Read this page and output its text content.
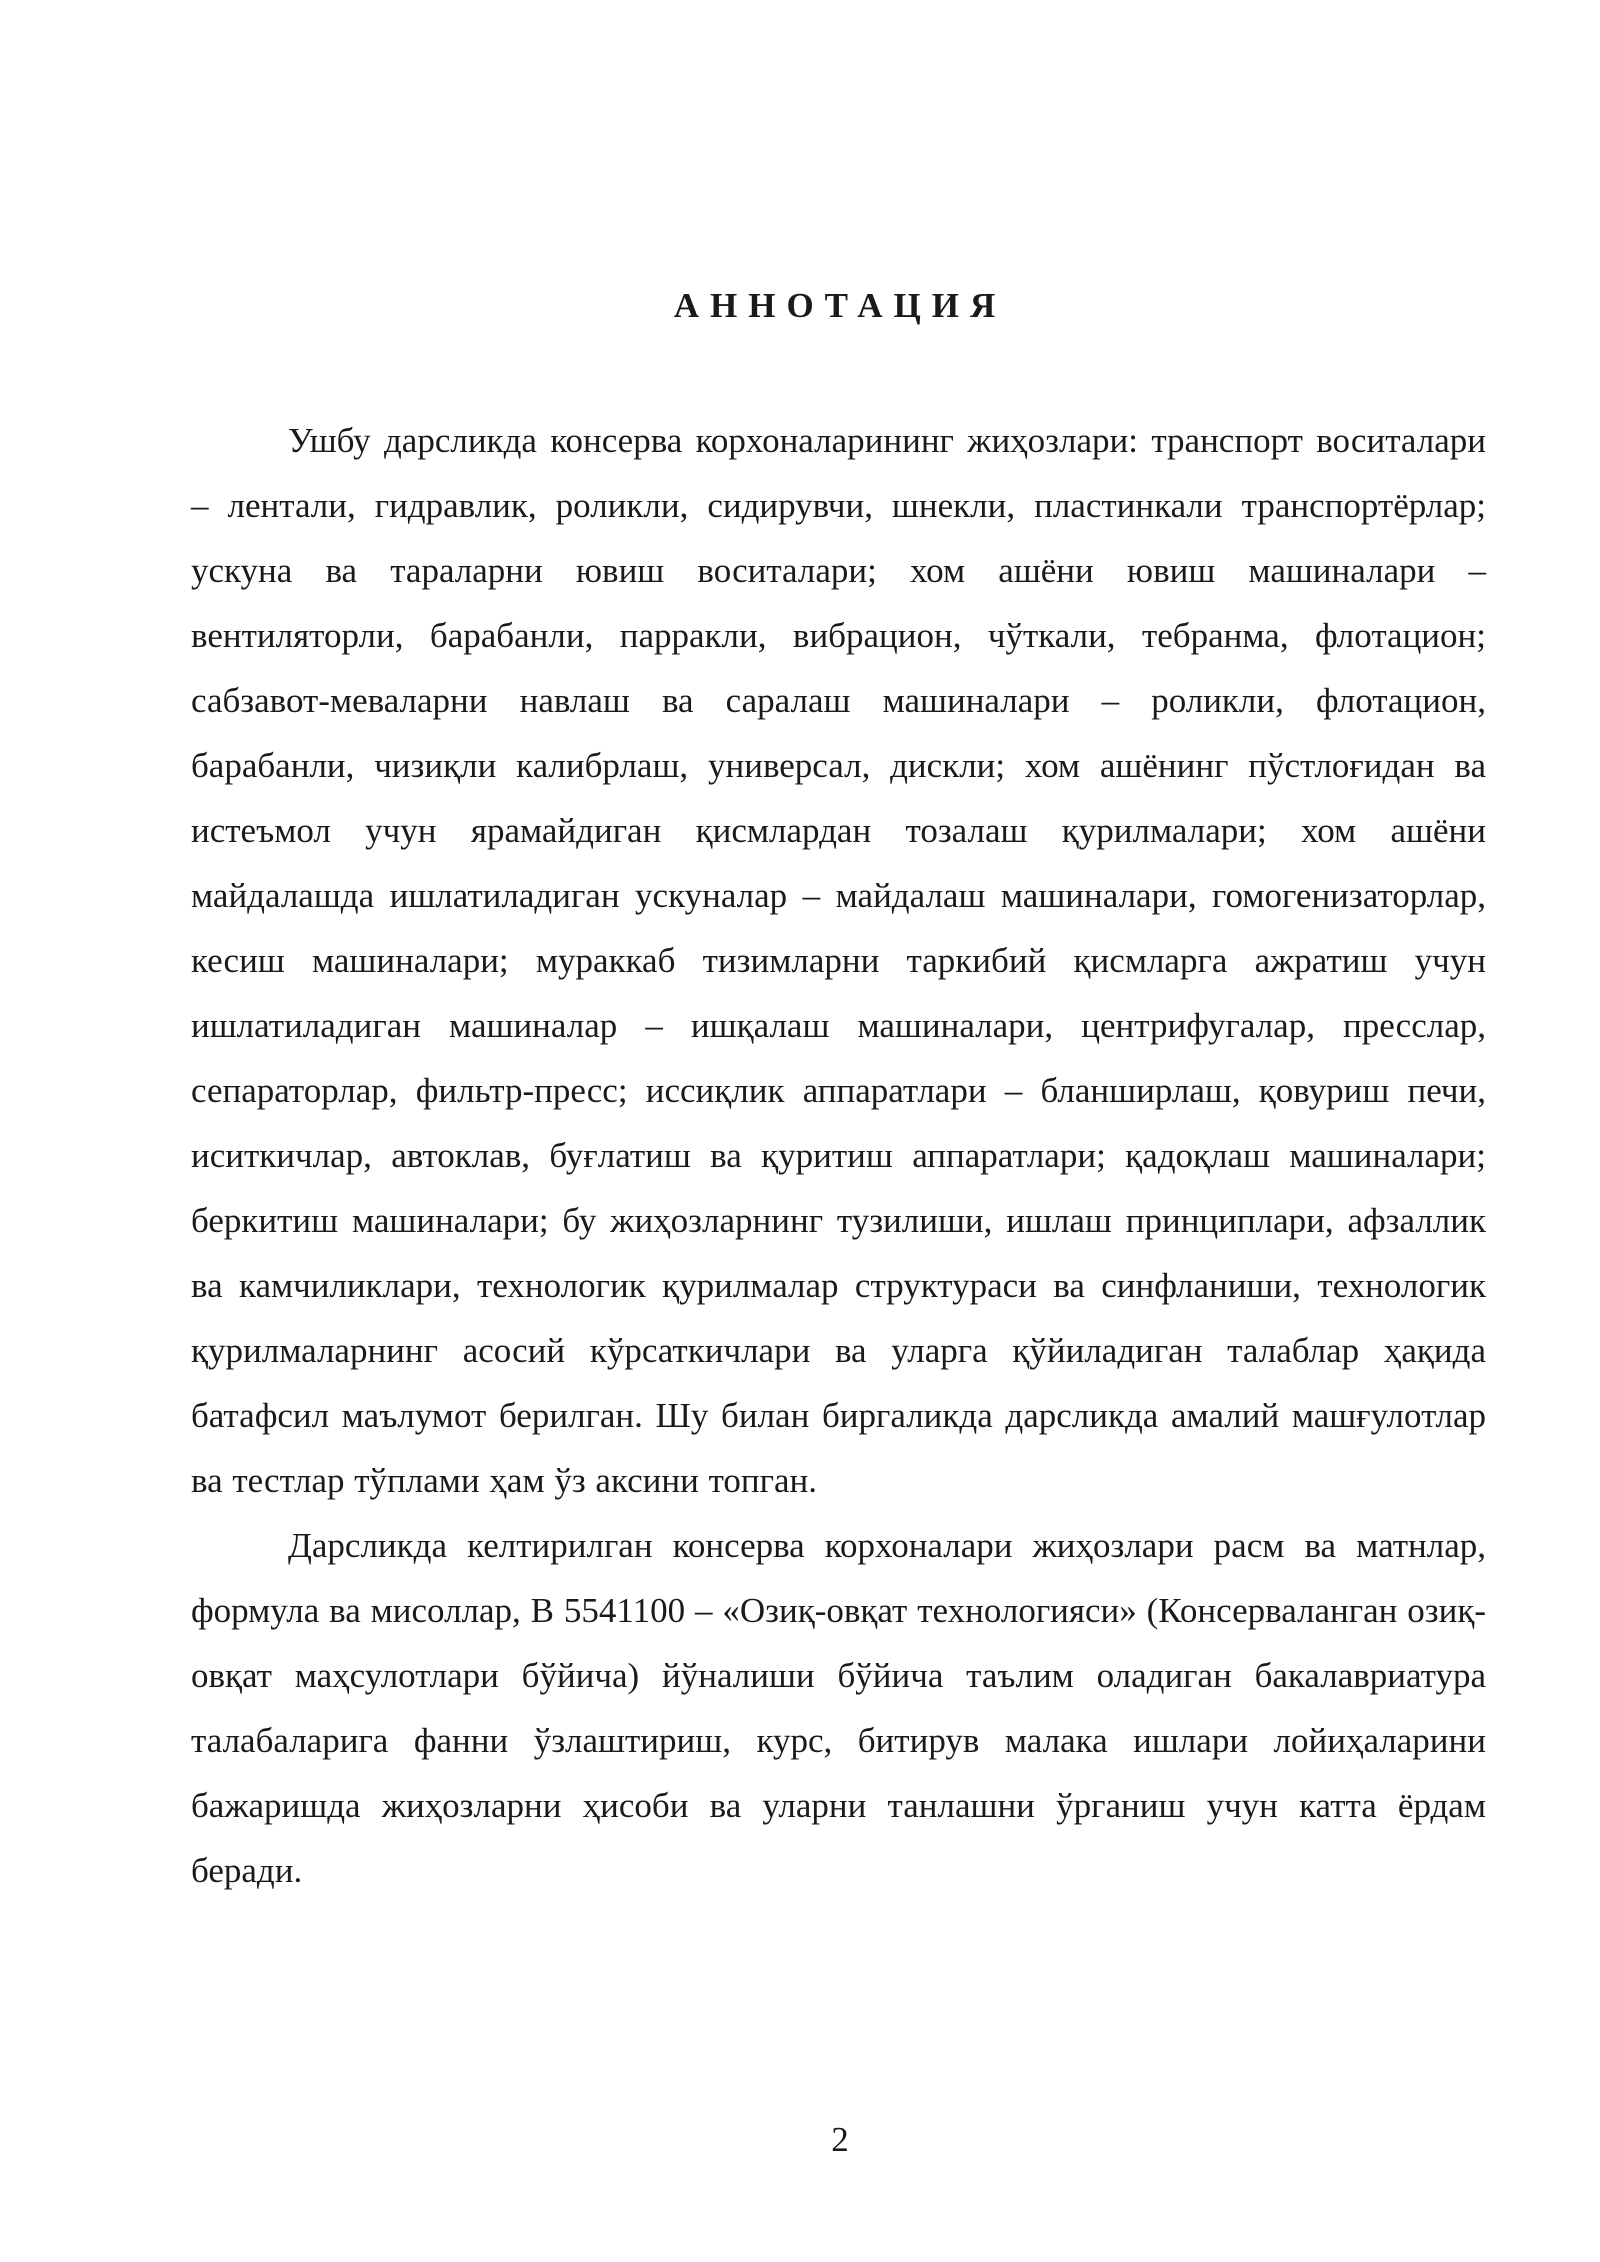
АННОТАЦИЯ

Ушбу дарсликда консерва корхоналарининг жиҳозлари: транспорт воситалари – лентали, гидравлик, роликли, сидирувчи, шнекли, пластинкали транспортёрлар; ускуна ва тараларни ювиш воситалари; хом ашёни ювиш машиналари – вентиляторли, барабанли, парракли, вибрацион, чўткали, тебранма, флотацион; сабзавот-меваларни навлаш ва саралаш машиналари – роликли, флотацион, барабанли, чизиқли калибрлаш, универсал, дискли; хом ашёнинг пўстлоғидан ва истеъмол учун ярамайдиган қисмлардан тозалаш қурилмалари; хом ашёни майдалашда ишлатиладиган ускуналар – майдалаш машиналари, гомогенизаторлар, кесиш машиналари; мураккаб тизимларни таркибий қисмларга ажратиш учун ишлатиладиган машиналар – ишқалаш машиналари, центрифугалар, пресслар, сепараторлар, фильтр-пресс; иссиқлик аппаратлари – бланширлаш, қовуриш печи, иситкичлар, автоклав, буғлатиш ва қуритиш аппаратлари; қадоқлаш машиналари; беркитиш машиналари; бу жиҳозларнинг тузилиши, ишлаш принциплари, афзаллик ва камчиликлари, технологик қурилмалар структураси ва синфланиши, технологик қурилмаларнинг асосий кўрсаткичлари ва уларга қўйиладиган талаблар ҳақида батафсил маълумот берилган. Шу билан биргаликда дарсликда амалий машғулотлар ва тестлар тўплами ҳам ўз аксини топган.

Дарсликда келтирилган консерва корхоналари жиҳозлари расм ва матнлар, формула ва мисоллар, B 5541100 – «Озиқ-овқат технологияси» (Консерваланган озиқ-овқат маҳсулотлари бўйича) йўналиши бўйича таълим оладиган бакалавриатура талабаларига фанни ўзлаштириш, курс, битирув малака ишлари лойиҳаларини бажаришда жиҳозларни ҳисоби ва уларни танлашни ўрганиш учун катта ёрдам беради.

2
